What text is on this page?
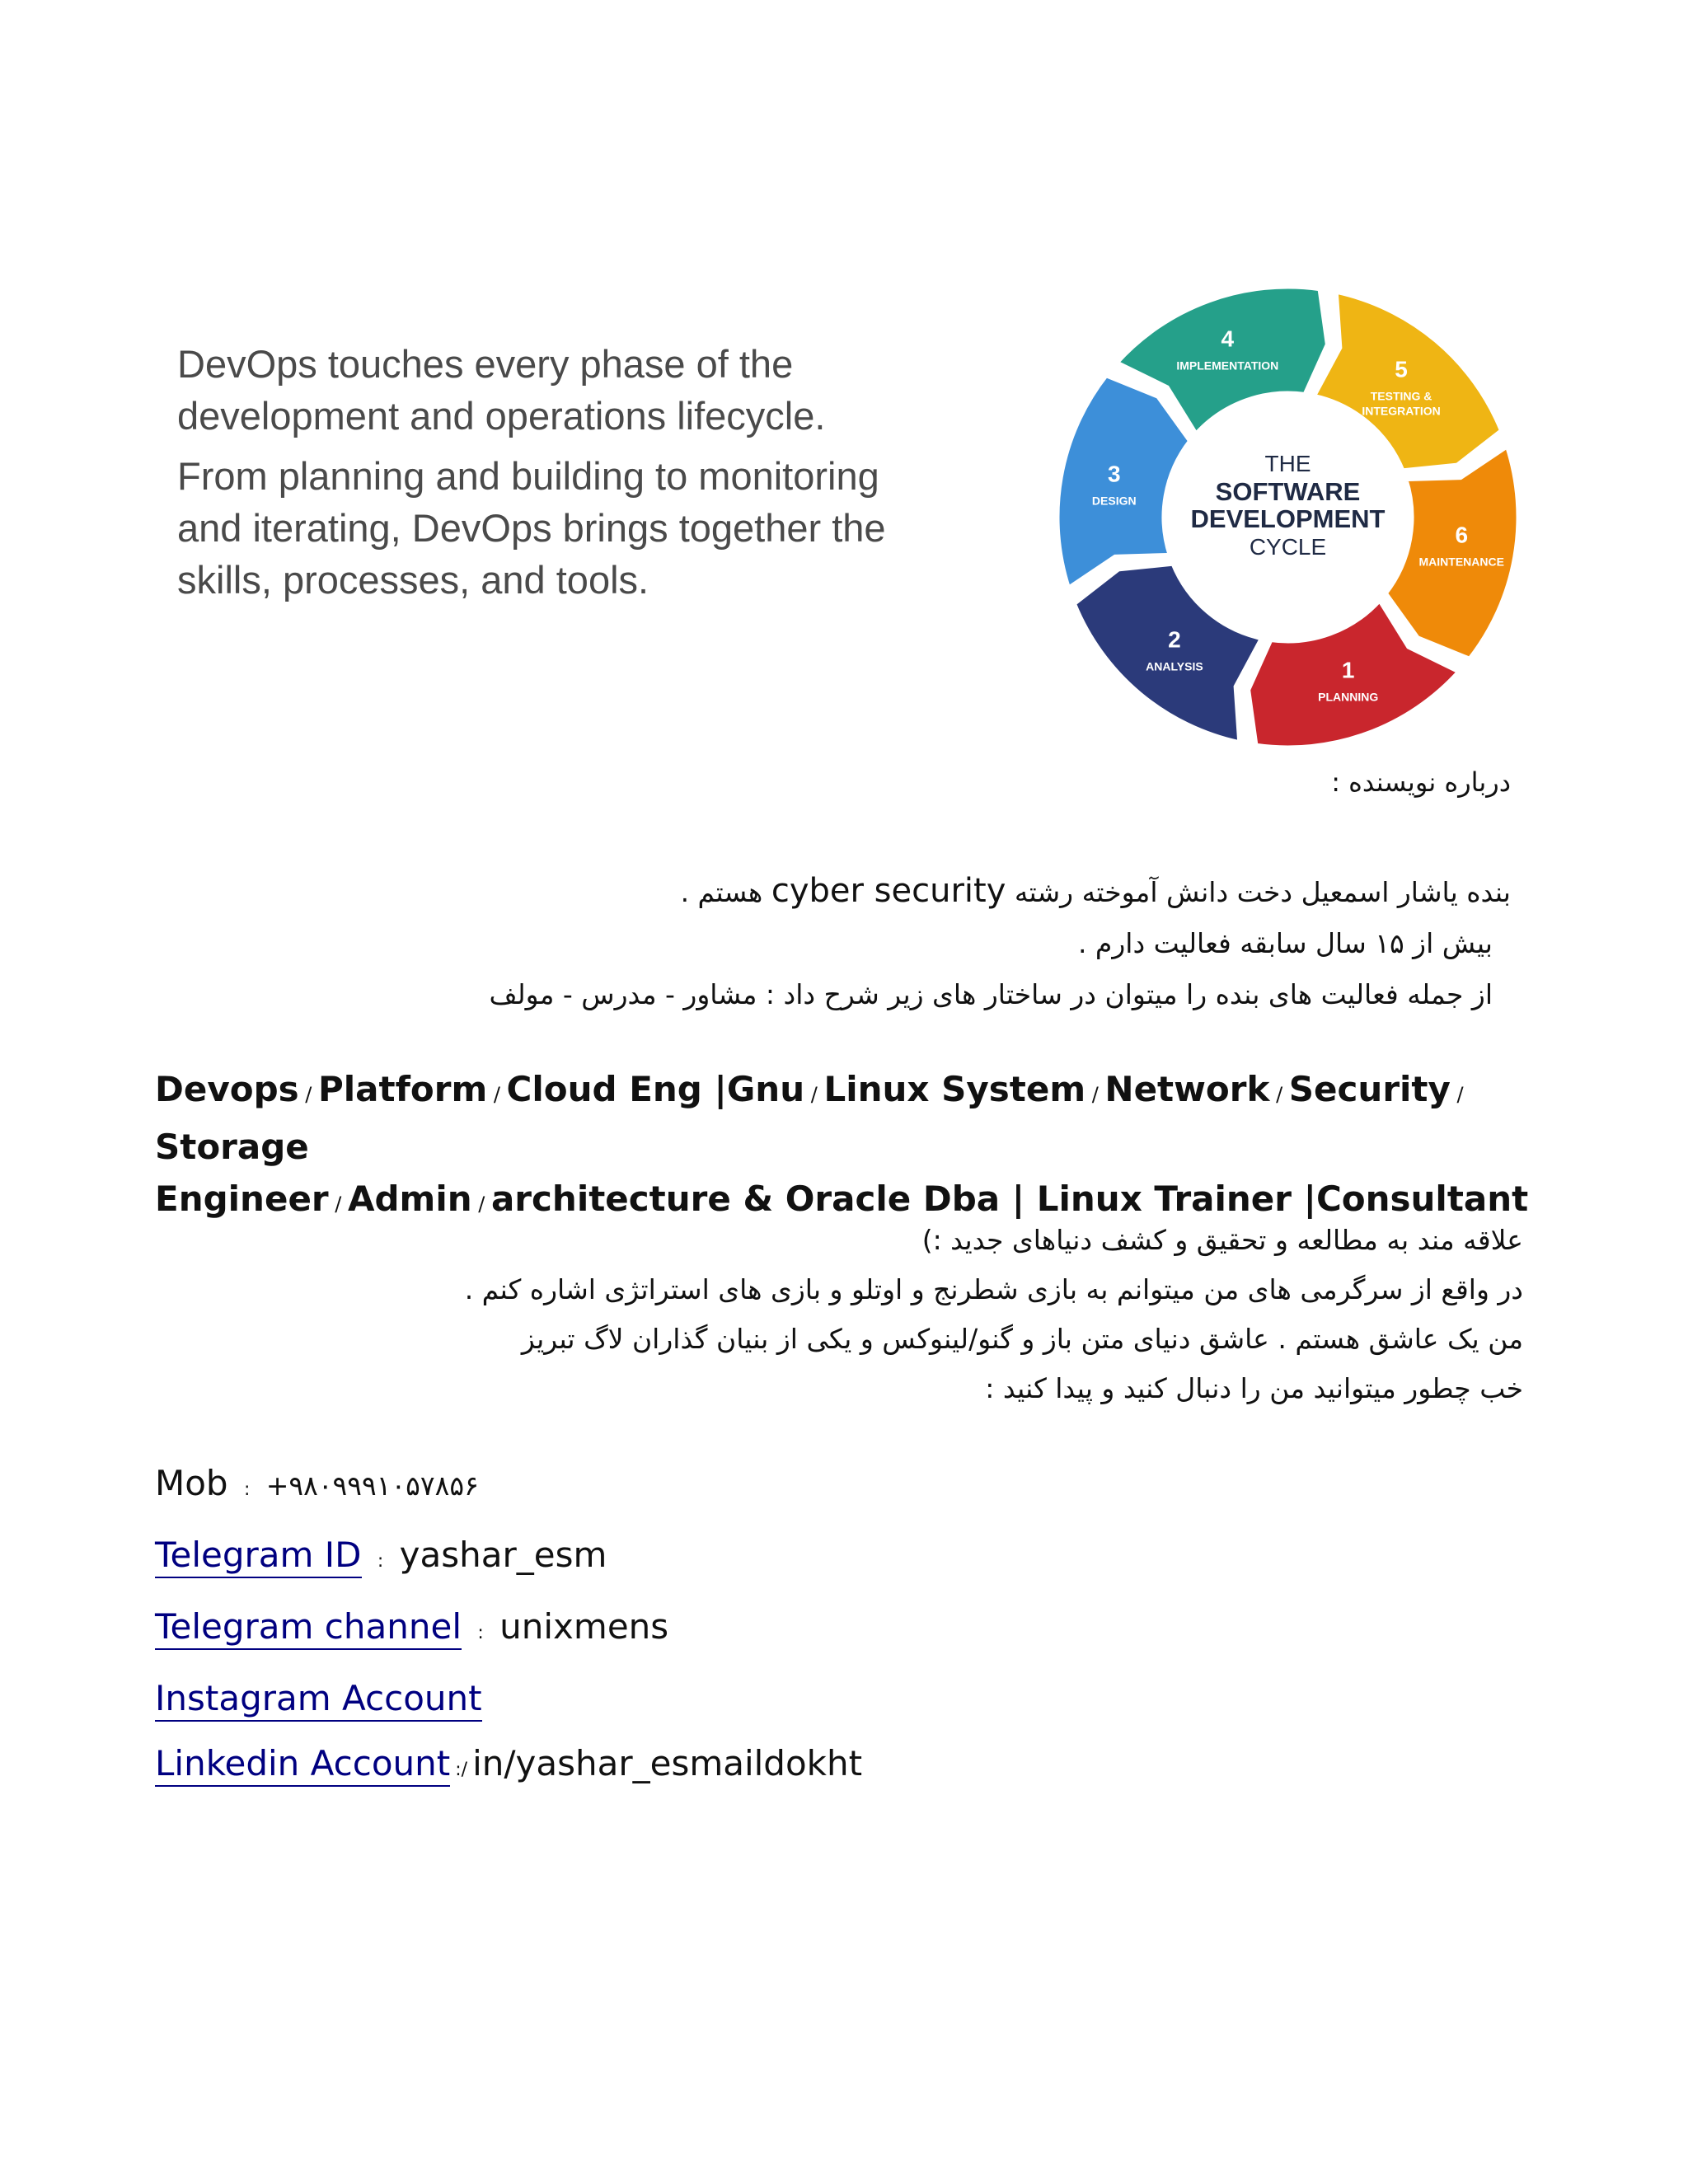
DevOps touches every phase of the development and operations lifecycle.

From planning and building to monitoring and iterating, DevOps brings together the skills, processes, and tools.

THE
SOFTWARE
DEVELOPMENT
CYCLE
1
PLANNING
2
ANALYSIS
3
DESIGN
4
IMPLEMENTATION	5
TESTING &
INTEGRATION
6
MAINTENANCE
درباره نویسنده :
بنده یاشار اسمعیل دخت دانش آموخته رشته cyber security هستم .
بیش از ۱۵ سال سابقه فعالیت دارم .
از جمله فعالیت های بنده را میتوان در ساختار های زیر شرح داد : مشاور - مدرس - مولف
Devops / Platform / Cloud Eng |Gnu / Linux System / Network / Security / Storage
Engineer / Admin / architecture & Oracle Dba | Linux Trainer |Consultant
علاقه مند به مطالعه و تحقیق و کشف دنیاهای جدید :)
در واقع از سرگرمی های من میتوانم به بازی شطرنج و اوتلو و بازی های استراتژی اشاره کنم .
من یک عاشق هستم . عاشق دنیای متن باز و گنو/لینوکس و یکی از بنیان گذاران لاگ تبریز
خب چطور میتوانید من را دنبال کنید و پیدا کنید :
Mob : +۹۸۰۹۹۹۱۰۵۷۸۵۶
Telegram ID : yashar_esm
Telegram channel : unixmens
Instagram Account
Linkedin Account :/ in/yashar_esmaildokht
